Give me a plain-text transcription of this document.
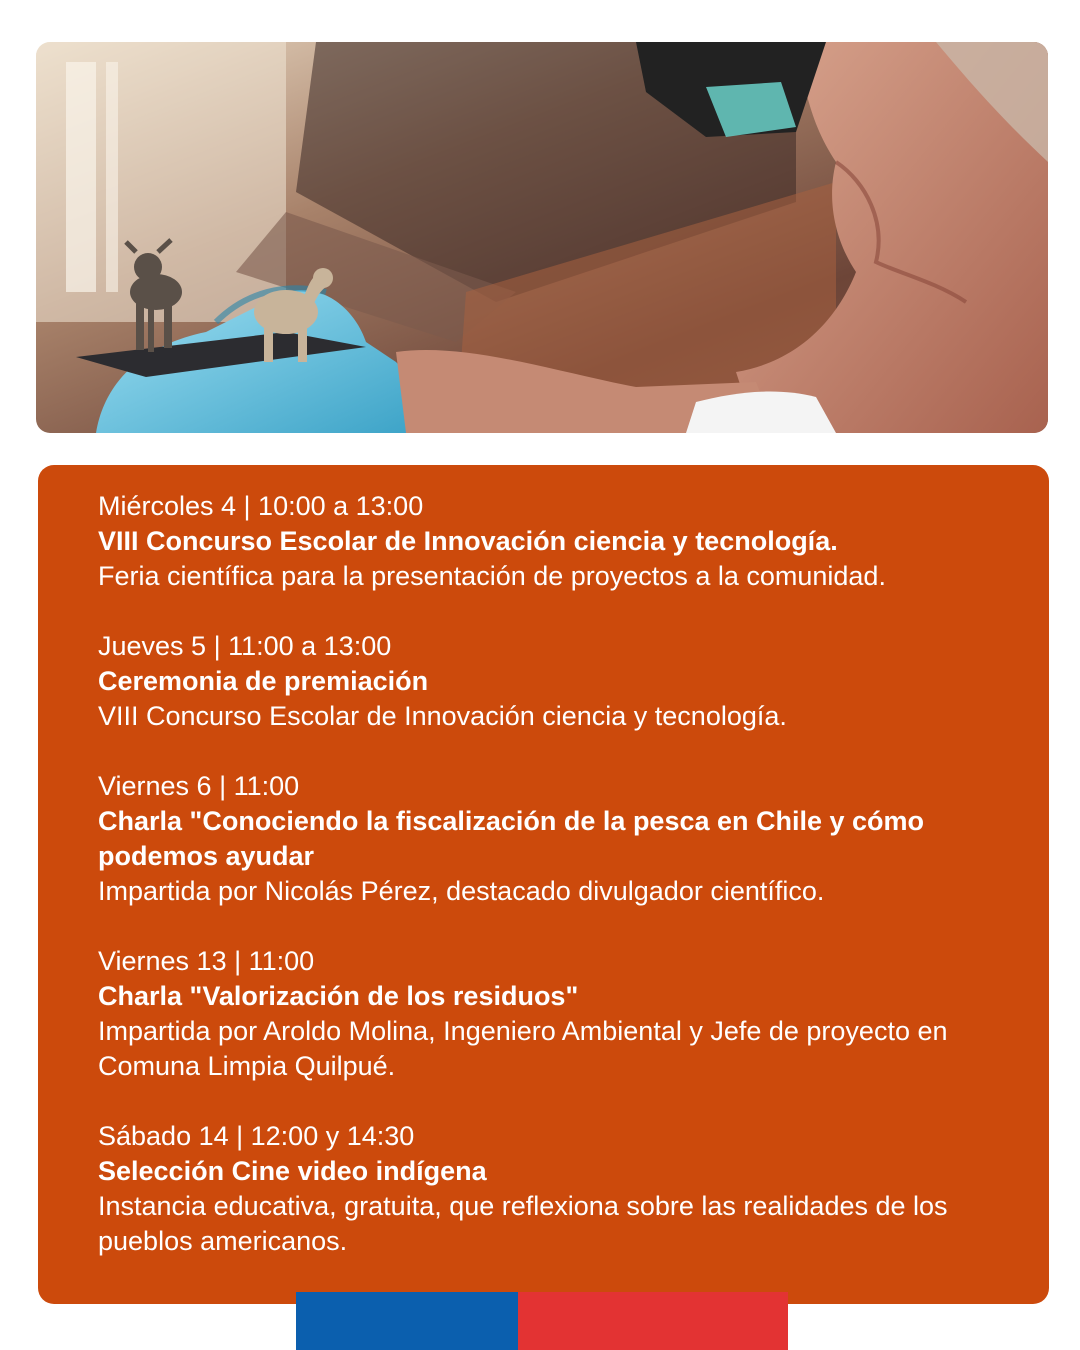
Miércoles 4 | 10:00 a 13:00
VIII Concurso Escolar de Innovación ciencia y tecnología.
Feria científica para la presentación de proyectos a la comunidad.
Jueves 5 | 11:00 a 13:00
Ceremonia de premiación
VIII Concurso Escolar de Innovación ciencia y tecnología.
Viernes 6 | 11:00
Charla "Conociendo la fiscalización de la pesca en Chile y cómo podemos ayudar
Impartida por Nicolás Pérez, destacado divulgador científico.
Viernes 13 | 11:00
Charla "Valorización de los residuos"
Impartida por Aroldo Molina, Ingeniero Ambiental y Jefe de proyecto en Comuna Limpia Quilpué.
Sábado 14 | 12:00 y 14:30
Selección Cine video indígena
Instancia educativa, gratuita, que reflexiona sobre las realidades de los pueblos americanos.
